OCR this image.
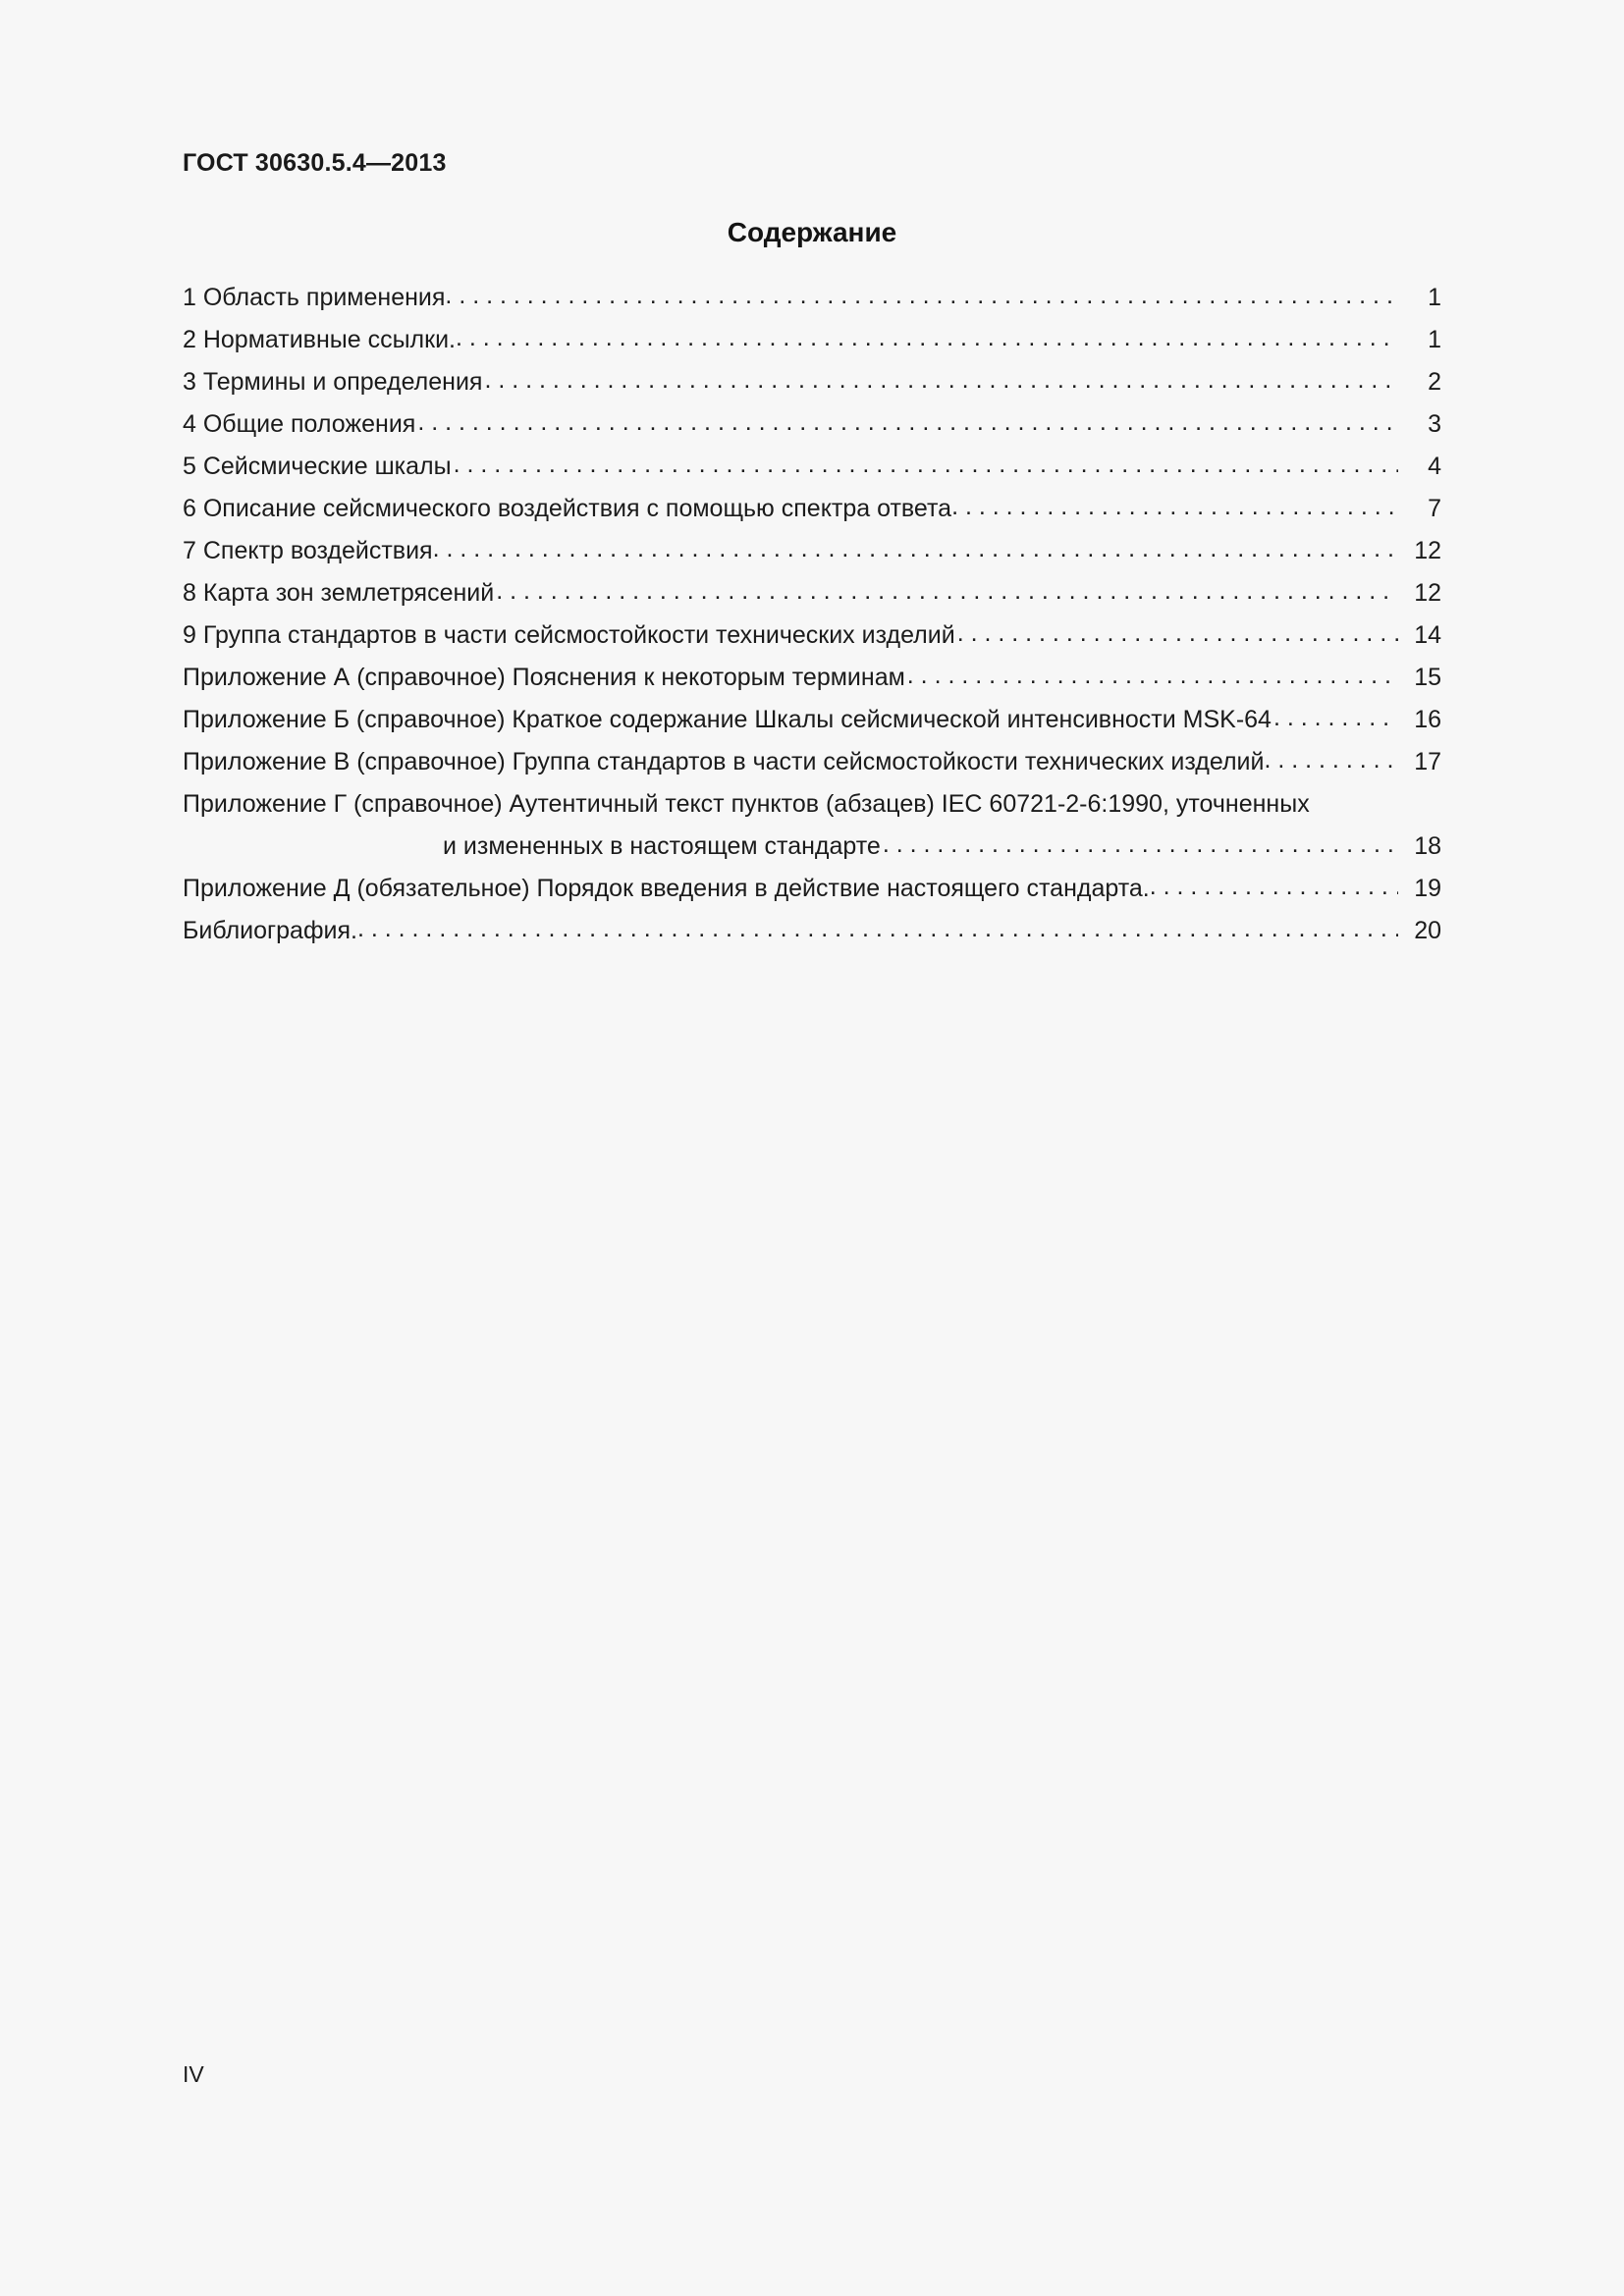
ГОСТ 30630.5.4—2013
Содержание
1 Область применения . . .	1
2 Нормативные ссылки. . . .	1
3 Термины и определения . . .	2
4 Общие положения . . .	3
5 Сейсмические шкалы . . .	4
6 Описание сейсмического воздействия с помощью спектра ответа . . .	7
7 Спектр воздействия . . .	12
8 Карта зон землетрясений . . .	12
9 Группа стандартов в части сейсмостойкости технических изделий . . .	14
Приложение А (справочное) Пояснения к некоторым терминам . . .	15
Приложение Б (справочное) Краткое содержание Шкалы сейсмической интенсивности MSK-64 . . .	16
Приложение В (справочное) Группа стандартов в части сейсмостойкости технических изделий . . .	17
Приложение Г (справочное) Аутентичный текст пунктов (абзацев) IEC 60721-2-6:1990, уточненных
и измененных в настоящем стандарте . . .	18
Приложение Д (обязательное) Порядок введения в действие настоящего стандарта. . . .	19
Библиография. . . .	20
IV
